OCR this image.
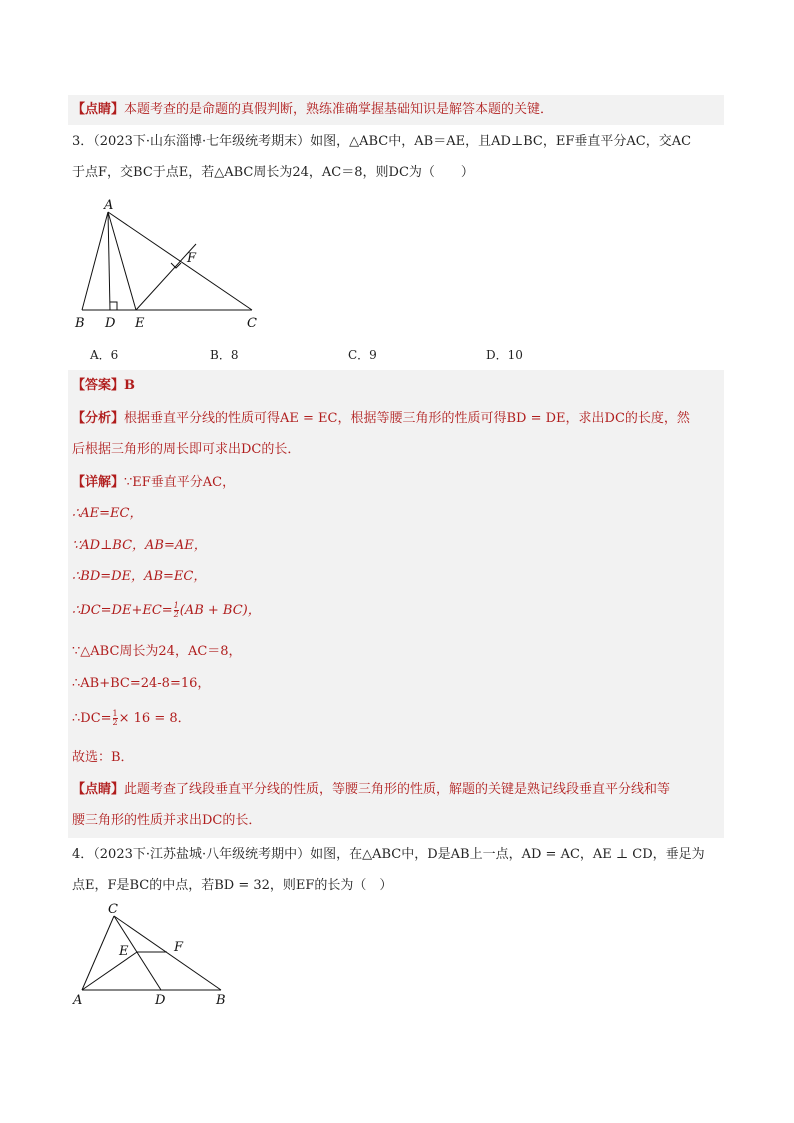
【点睛】本题考查的是命题的真假判断，熟练准确掌握基础知识是解答本题的关键．
3．（2023下·山东淄博·七年级统考期末）如图，△ABC中，AB＝AE，且AD⊥BC，EF垂直平分AC，交AC
于点F，交BC于点E，若△ABC周长为24，AC＝8，则DC为（　　）
A
B D E	C
F
A．6	B．8	C．9	D．10
【答案】B
【分析】根据垂直平分线的性质可得AE = EC，根据等腰三角形的性质可得BD = DE，求出DC的长度，然
后根据三角形的周长即可求出DC的长．
【详解】∵EF垂直平分AC，
∴AE=EC，
∵AD⊥BC，AB=AE，
∴BD=DE，AB=EC，
∴DC=DE+EC= $\frac{1}{2} (AB + BC)$，
∵△ABC周长为24，AC＝8，
∴AB+BC=24-8=16，
∴DC= $\frac{1}{2} \times 16 = 8$．
故选：B．
【点睛】此题考查了线段垂直平分线的性质，等腰三角形的性质，解题的关键是熟记线段垂直平分线和等
腰三角形的性质并求出DC的长．
4．（2023下·江苏盐城·八年级统考期中）如图，在△ABC中，D是AB上一点，AD = AC，AE ⊥ CD，垂足为
点E，F是BC的中点，若BD = 32，则EF的长为（　）
C
A	D	B
E	F
